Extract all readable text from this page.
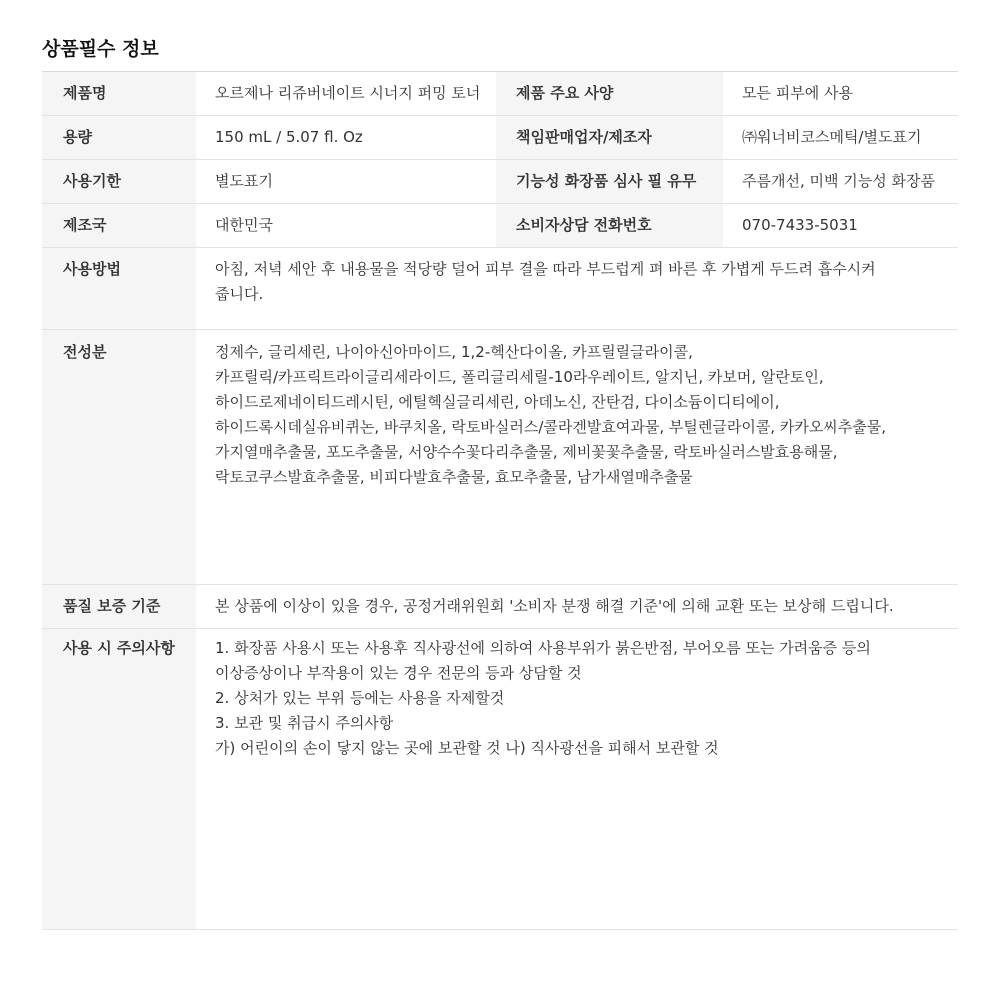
상품필수 정보
제품명	오르제나 리쥬버네이트 시너지 퍼밍 토너	제품 주요 사양	모든 피부에 사용
용량	150 mL / 5.07 fl. Oz	책임판매업자/제조자	㈜워너비코스메틱/별도표기
사용기한	별도표기	기능성 화장품 심사 필 유무	주름개선, 미백 기능성 화장품
제조국	대한민국	소비자상담 전화번호	070-7433-5031
사용방법	아침, 저녁 세안 후 내용물을 적당량 덜어 피부 결을 따라 부드럽게 펴 바른 후 가볍게 두드려 흡수시켜
줍니다.
전성분	정제수, 글리세린, 나이아신아마이드, 1,2-헥산다이올, 카프릴릴글라이콜,
카프릴릭/카프릭트라이글리세라이드, 폴리글리세릴-10라우레이트, 알지닌, 카보머, 알란토인,
하이드로제네이티드레시틴, 에틸헥실글리세린, 아데노신, 잔탄검, 다이소듐이디티에이,
하이드록시데실유비퀴논, 바쿠치올, 락토바실러스/콜라겐발효여과물, 부틸렌글라이콜, 카카오씨추출물,
가지열매추출물, 포도추출물, 서양수수꽃다리추출물, 제비꽃꽃추출물, 락토바실러스발효용해물,
락토코쿠스발효추출물, 비피다발효추출물, 효모추출물, 남가새열매추출물
품질 보증 기준	본 상품에 이상이 있을 경우, 공정거래위원회 '소비자 분쟁 해결 기준'에 의해 교환 또는 보상해 드립니다.
사용 시 주의사항	1. 화장품 사용시 또는 사용후 직사광선에 의하여 사용부위가 붉은반점, 부어오름 또는 가려움증 등의
이상증상이나 부작용이 있는 경우 전문의 등과 상담할 것
2. 상처가 있는 부위 등에는 사용을 자제할것
3. 보관 및 취급시 주의사항
가) 어린이의 손이 닿지 않는 곳에 보관할 것 나) 직사광선을 피해서 보관할 것
